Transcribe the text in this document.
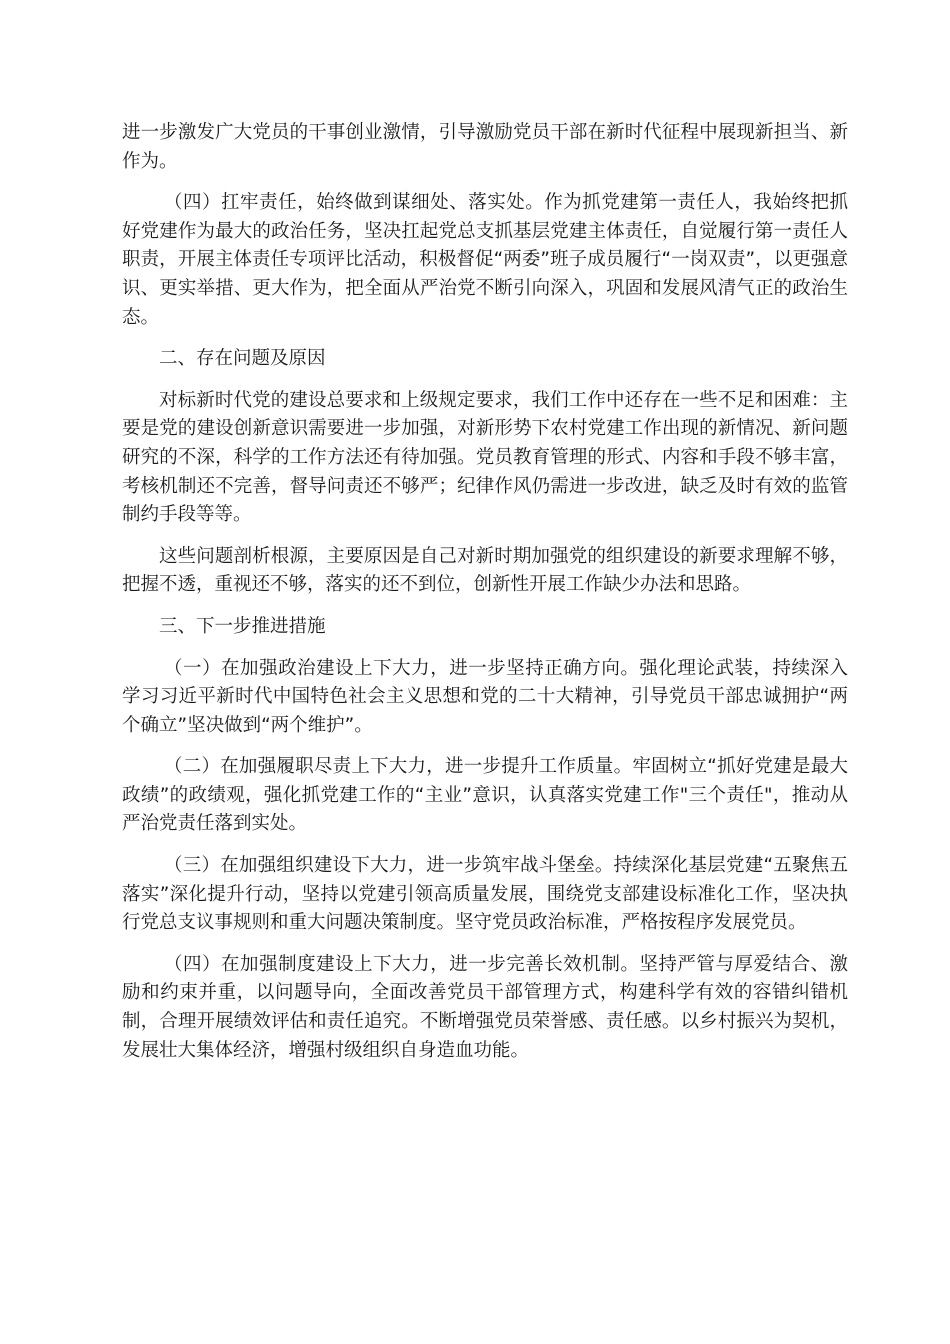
进一步激发广大党员的干事创业激情，引导激励党员干部在新时代征程中展现新担当、新作为。

（四）扛牢责任，始终做到谋细处、落实处。作为抓党建第一责任人，我始终把抓好党建作为最大的政治任务，坚决扛起党总支抓基层党建主体责任，自觉履行第一责任人职责，开展主体责任专项评比活动，积极督促“两委”班子成员履行“一岗双责”，以更强意识、更实举措、更大作为，把全面从严治党不断引向深入，巩固和发展风清气正的政治生态。

二、存在问题及原因

对标新时代党的建设总要求和上级规定要求，我们工作中还存在一些不足和困难：主要是党的建设创新意识需要进一步加强，对新形势下农村党建工作出现的新情况、新问题研究的不深，科学的工作方法还有待加强。党员教育管理的形式、内容和手段不够丰富，考核机制还不完善，督导问责还不够严；纪律作风仍需进一步改进，缺乏及时有效的监管制约手段等等。

这些问题剖析根源，主要原因是自己对新时期加强党的组织建设的新要求理解不够，把握不透，重视还不够，落实的还不到位，创新性开展工作缺少办法和思路。

三、下一步推进措施

（一）在加强政治建设上下大力，进一步坚持正确方向。强化理论武装，持续深入学习习近平新时代中国特色社会主义思想和党的二十大精神，引导党员干部忠诚拥护“两个确立”坚决做到“两个维护”。

（二）在加强履职尽责上下大力，进一步提升工作质量。牢固树立“抓好党建是最大政绩”的政绩观，强化抓党建工作的“主业”意识，认真落实党建工作"三个责任"，推动从严治党责任落到实处。

（三）在加强组织建设下大力，进一步筑牢战斗堡垒。持续深化基层党建“五聚焦五落实”深化提升行动，坚持以党建引领高质量发展，围绕党支部建设标准化工作，坚决执行党总支议事规则和重大问题决策制度。坚守党员政治标准，严格按程序发展党员。

（四）在加强制度建设上下大力，进一步完善长效机制。坚持严管与厚爱结合、激励和约束并重，以问题导向，全面改善党员干部管理方式，构建科学有效的容错纠错机制，合理开展绩效评估和责任追究。不断增强党员荣誉感、责任感。以乡村振兴为契机，发展壮大集体经济，增强村级组织自身造血功能。
